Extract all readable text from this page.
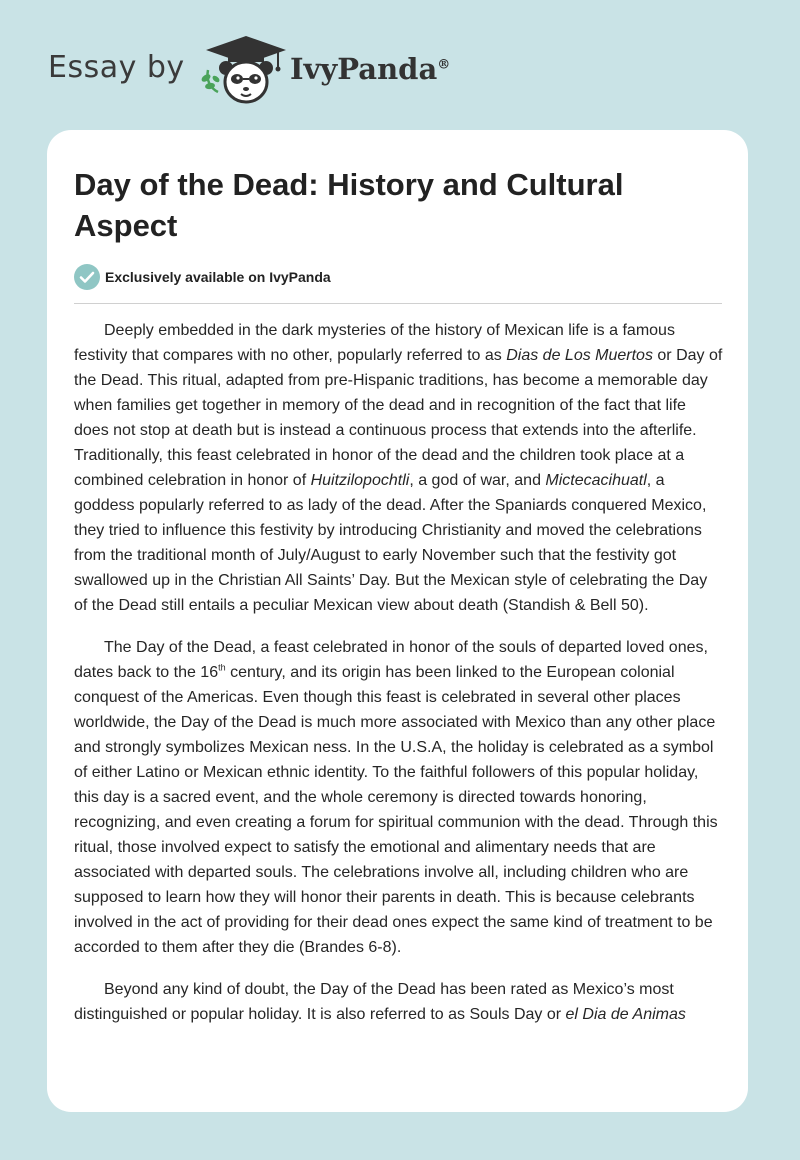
Essay by	IvyPanda®
Day of the Dead: History and Cultural Aspect
Exclusively available on IvyPanda

Deeply embedded in the dark mysteries of the history of Mexican life is a famous festivity that compares with no other, popularly referred to as Dias de Los Muertos or Day of the Dead. This ritual, adapted from pre-Hispanic traditions, has become a memorable day when families get together in memory of the dead and in recognition of the fact that life does not stop at death but is instead a continuous process that extends into the afterlife. Traditionally, this feast celebrated in honor of the dead and the children took place at a combined celebration in honor of Huitzilopochtli, a god of war, and Mictecacihuatl, a goddess popularly referred to as lady of the dead. After the Spaniards conquered Mexico, they tried to influence this festivity by introducing Christianity and moved the celebrations from the traditional month of July/August to early November such that the festivity got swallowed up in the Christian All Saints’ Day. But the Mexican style of celebrating the Day of the Dead still entails a peculiar Mexican view about death (Standish & Bell 50).

The Day of the Dead, a feast celebrated in honor of the souls of departed loved ones, dates back to the 16th century, and its origin has been linked to the European colonial conquest of the Americas. Even though this feast is celebrated in several other places worldwide, the Day of the Dead is much more associated with Mexico than any other place and strongly symbolizes Mexican ness. In the U.S.A, the holiday is celebrated as a symbol of either Latino or Mexican ethnic identity. To the faithful followers of this popular holiday, this day is a sacred event, and the whole ceremony is directed towards honoring, recognizing, and even creating a forum for spiritual communion with the dead. Through this ritual, those involved expect to satisfy the emotional and alimentary needs that are associated with departed souls. The celebrations involve all, including children who are supposed to learn how they will honor their parents in death. This is because celebrants involved in the act of providing for their dead ones expect the same kind of treatment to be accorded to them after they die (Brandes 6-8).

Beyond any kind of doubt, the Day of the Dead has been rated as Mexico’s most distinguished or popular holiday. It is also referred to as Souls Day or el Dia de Animas
